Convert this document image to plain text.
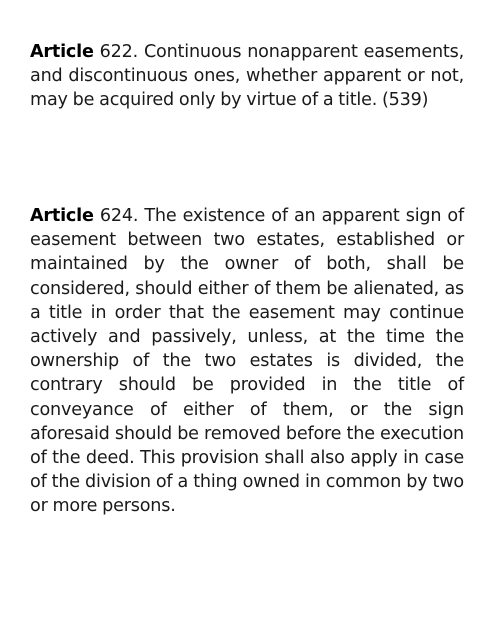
Article 622. Continuous nonapparent easements, and discontinuous ones, whether apparent or not, may be acquired only by virtue of a title. (539)

Article 624. The existence of an apparent sign of easement between two estates, established or maintained by the owner of both, shall be considered, should either of them be alienated, as a title in order that the easement may continue actively and passively, unless, at the time the ownership of the two estates is divided, the contrary should be provided in the title of conveyance of either of them, or the sign aforesaid should be removed before the execution of the deed. This provision shall also apply in case of the division of a thing owned in common by two or more persons.
